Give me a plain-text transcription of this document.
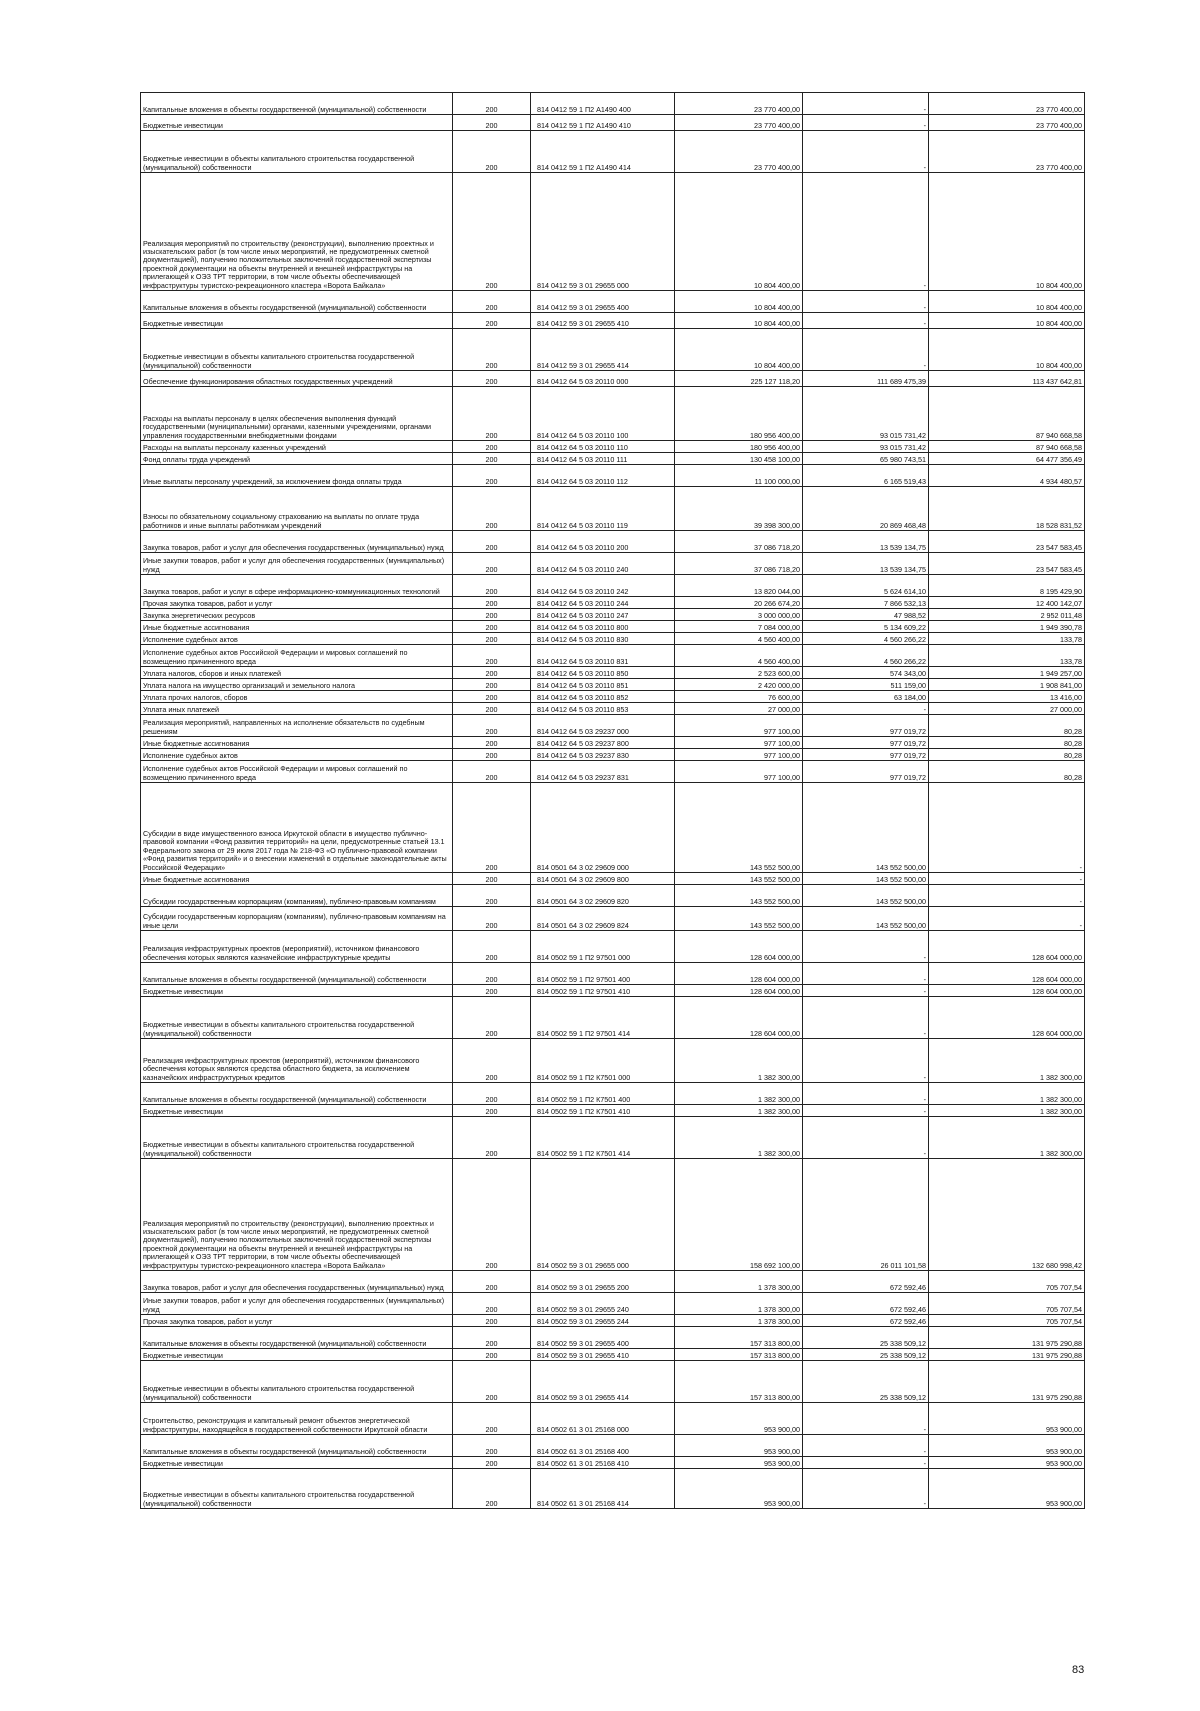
Капитальные вложения в объекты государственной (муниципальной) собственности	200	814 0412 59 1 П2 А1490 400	23 770 400,00	-	23 770 400,00
Бюджетные инвестиции	200	814 0412 59 1 П2 А1490 410	23 770 400,00	-	23 770 400,00
Бюджетные инвестиции в объекты капитального строительства государственной (муниципальной) собственности	200	814 0412 59 1 П2 А1490 414	23 770 400,00	-	23 770 400,00
Реализация мероприятий по строительству (реконструкции), выполнению проектных и изыскательских работ (в том числе иных мероприятий, не предусмотренных сметной документацией), получению положительных заключений государственной экспертизы проектной документации на объекты внутренней и внешней инфраструктуры на прилегающей к ОЭЗ ТРТ территории, в том числе объекты обеспечивающей инфраструктуры туристско-рекреационного кластера «Ворота Байкала»	200	814 0412 59 3 01 29655 000	10 804 400,00	-	10 804 400,00
Капитальные вложения в объекты государственной (муниципальной) собственности	200	814 0412 59 3 01 29655 400	10 804 400,00	-	10 804 400,00
Бюджетные инвестиции	200	814 0412 59 3 01 29655 410	10 804 400,00	-	10 804 400,00
Бюджетные инвестиции в объекты капитального строительства государственной (муниципальной) собственности	200	814 0412 59 3 01 29655 414	10 804 400,00	-	10 804 400,00
Обеспечение функционирования областных государственных учреждений	200	814 0412 64 5 03 20110 000	225 127 118,20	111 689 475,39	113 437 642,81
Расходы на выплаты персоналу в целях обеспечения выполнения функций государственными (муниципальными) органами, казенными учреждениями, органами управления государственными внебюджетными фондами	200	814 0412 64 5 03 20110 100	180 956 400,00	93 015 731,42	87 940 668,58
Расходы на выплаты персоналу казенных учреждений	200	814 0412 64 5 03 20110 110	180 956 400,00	93 015 731,42	87 940 668,58
Фонд оплаты труда учреждений	200	814 0412 64 5 03 20110 111	130 458 100,00	65 980 743,51	64 477 356,49
Иные выплаты персоналу учреждений, за исключением фонда оплаты труда	200	814 0412 64 5 03 20110 112	11 100 000,00	6 165 519,43	4 934 480,57
Взносы по обязательному социальному страхованию на выплаты по оплате труда работников и иные выплаты работникам учреждений	200	814 0412 64 5 03 20110 119	39 398 300,00	20 869 468,48	18 528 831,52
Закупка товаров, работ и услуг для обеспечения государственных (муниципальных) нужд	200	814 0412 64 5 03 20110 200	37 086 718,20	13 539 134,75	23 547 583,45
Иные закупки товаров, работ и услуг для обеспечения государственных (муниципальных) нужд	200	814 0412 64 5 03 20110 240	37 086 718,20	13 539 134,75	23 547 583,45
Закупка товаров, работ и услуг в сфере информационно-коммуникационных технологий	200	814 0412 64 5 03 20110 242	13 820 044,00	5 624 614,10	8 195 429,90
Прочая закупка товаров, работ и услуг	200	814 0412 64 5 03 20110 244	20 266 674,20	7 866 532,13	12 400 142,07
Закупка энергетических ресурсов	200	814 0412 64 5 03 20110 247	3 000 000,00	47 988,52	2 952 011,48
Иные бюджетные ассигнования	200	814 0412 64 5 03 20110 800	7 084 000,00	5 134 609,22	1 949 390,78
Исполнение судебных актов	200	814 0412 64 5 03 20110 830	4 560 400,00	4 560 266,22	133,78
Исполнение судебных актов Российской Федерации и мировых соглашений по возмещению причиненного вреда	200	814 0412 64 5 03 20110 831	4 560 400,00	4 560 266,22	133,78
Уплата налогов, сборов и иных платежей	200	814 0412 64 5 03 20110 850	2 523 600,00	574 343,00	1 949 257,00
Уплата налога на имущество организаций и земельного налога	200	814 0412 64 5 03 20110 851	2 420 000,00	511 159,00	1 908 841,00
Уплата прочих налогов, сборов	200	814 0412 64 5 03 20110 852	76 600,00	63 184,00	13 416,00
Уплата иных платежей	200	814 0412 64 5 03 20110 853	27 000,00	-	27 000,00
Реализация мероприятий, направленных на исполнение обязательств по судебным решениям	200	814 0412 64 5 03 29237 000	977 100,00	977 019,72	80,28
Иные бюджетные ассигнования	200	814 0412 64 5 03 29237 800	977 100,00	977 019,72	80,28
Исполнение судебных актов	200	814 0412 64 5 03 29237 830	977 100,00	977 019,72	80,28
Исполнение судебных актов Российской Федерации и мировых соглашений по возмещению причиненного вреда	200	814 0412 64 5 03 29237 831	977 100,00	977 019,72	80,28
Субсидии в виде имущественного взноса Иркутской области в имущество публично-правовой компании «Фонд развития территорий» на цели, предусмотренные статьей 13.1 Федерального закона от 29 июля 2017 года № 218-ФЗ «О публично-правовой компании «Фонд развития территорий» и о внесении изменений в отдельные законодательные акты Российской Федерации»	200	814 0501 64 3 02 29609 000	143 552 500,00	143 552 500,00	-
Иные бюджетные ассигнования	200	814 0501 64 3 02 29609 800	143 552 500,00	143 552 500,00	-
Субсидии государственным корпорациям (компаниям), публично-правовым компаниям	200	814 0501 64 3 02 29609 820	143 552 500,00	143 552 500,00	-
Субсидии государственным корпорациям (компаниям), публично-правовым компаниям на иные цели	200	814 0501 64 3 02 29609 824	143 552 500,00	143 552 500,00	-
Реализация инфраструктурных проектов (мероприятий), источником финансового обеспечения которых являются казначейские инфраструктурные кредиты	200	814 0502 59 1 П2 97501 000	128 604 000,00	-	128 604 000,00
Капитальные вложения в объекты государственной (муниципальной) собственности	200	814 0502 59 1 П2 97501 400	128 604 000,00	-	128 604 000,00
Бюджетные инвестиции	200	814 0502 59 1 П2 97501 410	128 604 000,00	-	128 604 000,00
Бюджетные инвестиции в объекты капитального строительства государственной (муниципальной) собственности	200	814 0502 59 1 П2 97501 414	128 604 000,00	-	128 604 000,00
Реализация инфраструктурных проектов (мероприятий), источником финансового обеспечения которых являются средства областного бюджета, за исключением казначейских инфраструктурных кредитов	200	814 0502 59 1 П2 К7501 000	1 382 300,00	-	1 382 300,00
Капитальные вложения в объекты государственной (муниципальной) собственности	200	814 0502 59 1 П2 К7501 400	1 382 300,00	-	1 382 300,00
Бюджетные инвестиции	200	814 0502 59 1 П2 К7501 410	1 382 300,00	-	1 382 300,00
Бюджетные инвестиции в объекты капитального строительства государственной (муниципальной) собственности	200	814 0502 59 1 П2 К7501 414	1 382 300,00	-	1 382 300,00
Реализация мероприятий по строительству (реконструкции), выполнению проектных и изыскательских работ (в том числе иных мероприятий, не предусмотренных сметной документацией), получению положительных заключений государственной экспертизы проектной документации на объекты внутренней и внешней инфраструктуры на прилегающей к ОЭЗ ТРТ территории, в том числе объекты обеспечивающей инфраструктуры туристско-рекреационного кластера «Ворота Байкала»	200	814 0502 59 3 01 29655 000	158 692 100,00	26 011 101,58	132 680 998,42
Закупка товаров, работ и услуг для обеспечения государственных (муниципальных) нужд	200	814 0502 59 3 01 29655 200	1 378 300,00	672 592,46	705 707,54
Иные закупки товаров, работ и услуг для обеспечения государственных (муниципальных) нужд	200	814 0502 59 3 01 29655 240	1 378 300,00	672 592,46	705 707,54
Прочая закупка товаров, работ и услуг	200	814 0502 59 3 01 29655 244	1 378 300,00	672 592,46	705 707,54
Капитальные вложения в объекты государственной (муниципальной) собственности	200	814 0502 59 3 01 29655 400	157 313 800,00	25 338 509,12	131 975 290,88
Бюджетные инвестиции	200	814 0502 59 3 01 29655 410	157 313 800,00	25 338 509,12	131 975 290,88
Бюджетные инвестиции в объекты капитального строительства государственной (муниципальной) собственности	200	814 0502 59 3 01 29655 414	157 313 800,00	25 338 509,12	131 975 290,88
Строительство, реконструкция и капитальный ремонт объектов энергетической инфраструктуры, находящейся в государственной собственности Иркутской области	200	814 0502 61 3 01 25168 000	953 900,00	-	953 900,00
Капитальные вложения в объекты государственной (муниципальной) собственности	200	814 0502 61 3 01 25168 400	953 900,00	-	953 900,00
Бюджетные инвестиции	200	814 0502 61 3 01 25168 410	953 900,00	-	953 900,00
Бюджетные инвестиции в объекты капитального строительства государственной (муниципальной) собственности	200	814 0502 61 3 01 25168 414	953 900,00	-	953 900,00
83
